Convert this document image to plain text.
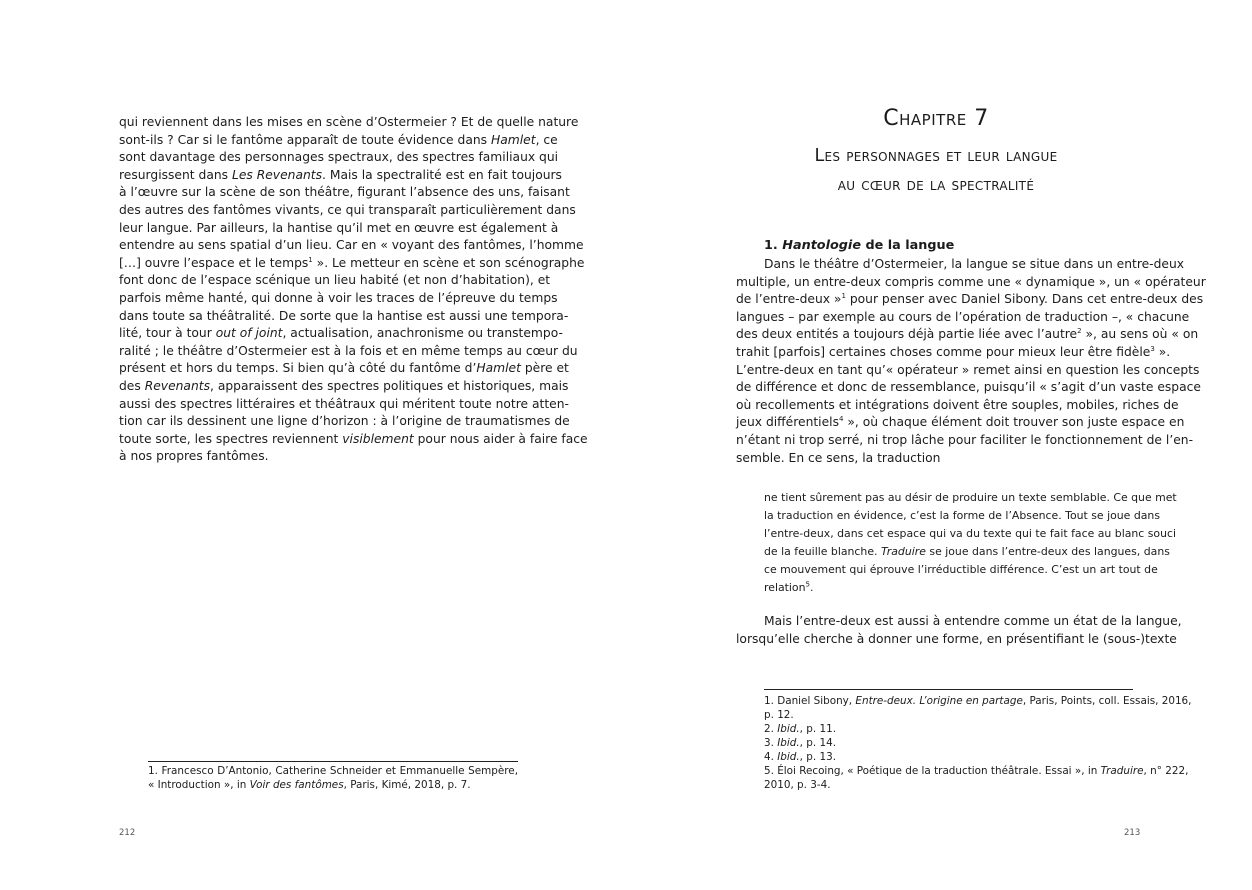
qui reviennent dans les mises en scène d’Ostermeier ? Et de quelle nature
sont-ils ? Car si le fantôme apparaît de toute évidence dans Hamlet, ce
sont davantage des personnages spectraux, des spectres familiaux qui
resurgissent dans Les Revenants. Mais la spectralité est en fait toujours
à l’œuvre sur la scène de son théâtre, figurant l’absence des uns, faisant
des autres des fantômes vivants, ce qui transparaît particulièrement dans
leur langue. Par ailleurs, la hantise qu’il met en œuvre est également à
entendre au sens spatial d’un lieu. Car en « voyant des fantômes, l’homme
[…] ouvre l’espace et le temps$^1$ ». Le metteur en scène et son scénographe
font donc de l’espace scénique un lieu habité (et non d’habitation), et
parfois même hanté, qui donne à voir les traces de l’épreuve du temps
dans toute sa théâtralité. De sorte que la hantise est aussi une tempora-
lité, tour à tour out of joint, actualisation, anachronisme ou transtempo-
ralité ; le théâtre d’Ostermeier est à la fois et en même temps au cœur du
présent et hors du temps. Si bien qu’à côté du fantôme d’Hamlet père et
des Revenants, apparaissent des spectres politiques et historiques, mais
aussi des spectres littéraires et théâtraux qui méritent toute notre atten-
tion car ils dessinent une ligne d’horizon : à l’origine de traumatismes de
toute sorte, les spectres reviennent visiblement pour nous aider à faire face
à nos propres fantômes.
1. Francesco D’Antonio, Catherine Schneider et Emmanuelle Sempère,
« Introduction », in Voir des fantômes, Paris, Kimé, 2018, p. 7.
212
Chapitre 7
Les personnages et leur langue
au cœur de la spectralité
1. Hantologie de la langue
Dans le théâtre d’Ostermeier, la langue se situe dans un entre-deux
multiple, un entre-deux compris comme une « dynamique », un « opérateur
de l’entre-deux »$^1$ pour penser avec Daniel Sibony. Dans cet entre-deux des
langues – par exemple au cours de l’opération de traduction –, « chacune
des deux entités a toujours déjà partie liée avec l’autre$^2$ », au sens où « on
trahit [parfois] certaines choses comme pour mieux leur être fidèle$^3$ ».
L’entre-deux en tant qu’« opérateur » remet ainsi en question les concepts
de différence et donc de ressemblance, puisqu’il « s’agit d’un vaste espace
où recollements et intégrations doivent être souples, mobiles, riches de
jeux différentiels$^4$ », où chaque élément doit trouver son juste espace en
n’étant ni trop serré, ni trop lâche pour faciliter le fonctionnement de l’en-
semble. En ce sens, la traduction
ne tient sûrement pas au désir de produire un texte semblable. Ce que met
la traduction en évidence, c’est la forme de l’Absence. Tout se joue dans
l’entre-deux, dans cet espace qui va du texte qui te fait face au blanc souci
de la feuille blanche. Traduire se joue dans l’entre-deux des langues, dans
ce mouvement qui éprouve l’irréductible différence. C’est un art tout de
relation$^5$.
Mais l’entre-deux est aussi à entendre comme un état de la langue,
lorsqu’elle cherche à donner une forme, en présentifiant le (sous-)texte
1. Daniel Sibony, Entre-deux. L’origine en partage, Paris, Points, coll. Essais, 2016,
p. 12.
2. Ibid., p. 11.
3. Ibid., p. 14.
4. Ibid., p. 13.
5. Éloi Recoing, « Poétique de la traduction théâtrale. Essai », in Traduire, n° 222,
2010, p. 3-4.
213
